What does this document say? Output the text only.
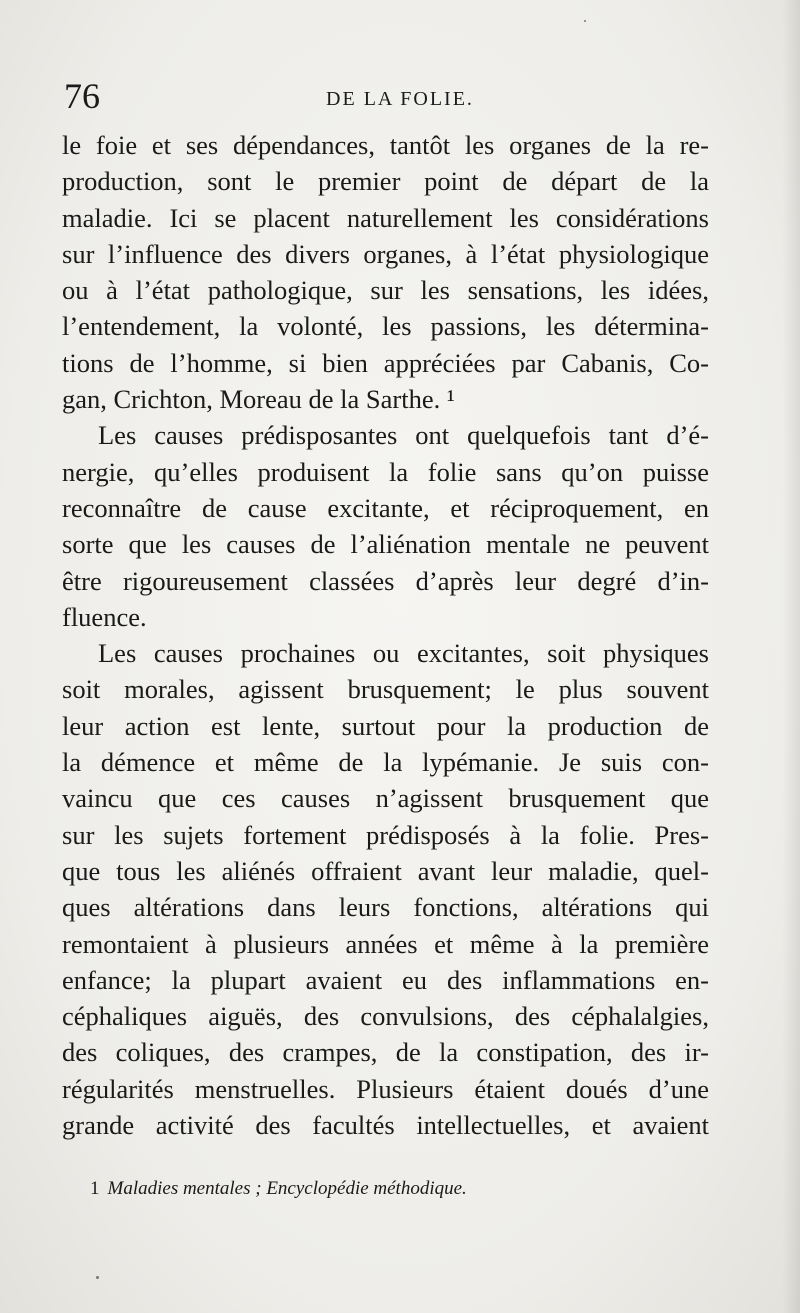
76	DE LA FOLIE.
le foie et ses dépendances, tantôt les organes de la re-
production, sont le premier point de départ de la
maladie. Ici se placent naturellement les considérations
sur l’influence des divers organes, à l’état physiologique
ou à l’état pathologique, sur les sensations, les idées,
l’entendement, la volonté, les passions, les détermina-
tions de l’homme, si bien appréciées par Cabanis, Co-
gan, Crichton, Moreau de la Sarthe. ¹
Les causes prédisposantes ont quelquefois tant d’é-
nergie, qu’elles produisent la folie sans qu’on puisse
reconnaître de cause excitante, et réciproquement, en
sorte que les causes de l’aliénation mentale ne peuvent
être rigoureusement classées d’après leur degré d’in-
fluence.
Les causes prochaines ou excitantes, soit physiques
soit morales, agissent brusquement; le plus souvent
leur action est lente, surtout pour la production de
la démence et même de la lypémanie. Je suis con-
vaincu que ces causes n’agissent brusquement que
sur les sujets fortement prédisposés à la folie. Pres-
que tous les aliénés offraient avant leur maladie, quel-
ques altérations dans leurs fonctions, altérations qui
remontaient à plusieurs années et même à la première
enfance; la plupart avaient eu des inflammations en-
céphaliques aiguës, des convulsions, des céphalalgies,
des coliques, des crampes, de la constipation, des ir-
régularités menstruelles. Plusieurs étaient doués d’une
grande activité des facultés intellectuelles, et avaient
1 Maladies mentales ; Encyclopédie méthodique.
